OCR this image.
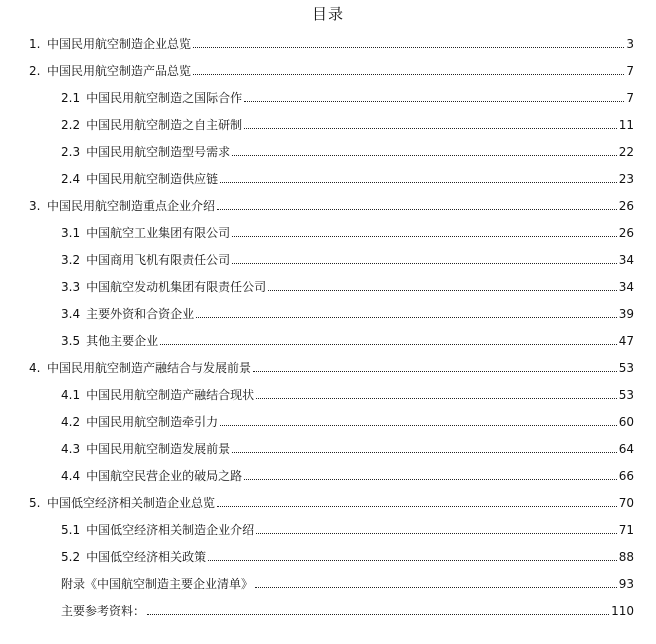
目录
1. 中国民用航空制造企业总览	3
2. 中国民用航空制造产品总览	7
2.1 中国民用航空制造之国际合作	7
2.2 中国民用航空制造之自主研制	11
2.3 中国民用航空制造型号需求	22
2.4 中国民用航空制造供应链	23
3. 中国民用航空制造重点企业介绍	26
3.1 中国航空工业集团有限公司	26
3.2 中国商用飞机有限责任公司	34
3.3 中国航空发动机集团有限责任公司	34
3.4 主要外资和合资企业	39
3.5 其他主要企业	47
4. 中国民用航空制造产融结合与发展前景	53
4.1 中国民用航空制造产融结合现状	53
4.2 中国民用航空制造牵引力	60
4.3 中国民用航空制造发展前景	64
4.4 中国航空民营企业的破局之路	66
5. 中国低空经济相关制造企业总览	70
5.1 中国低空经济相关制造企业介绍	71
5.2 中国低空经济相关政策	88
附录《中国航空制造主要企业清单》	93
主要参考资料：	110
